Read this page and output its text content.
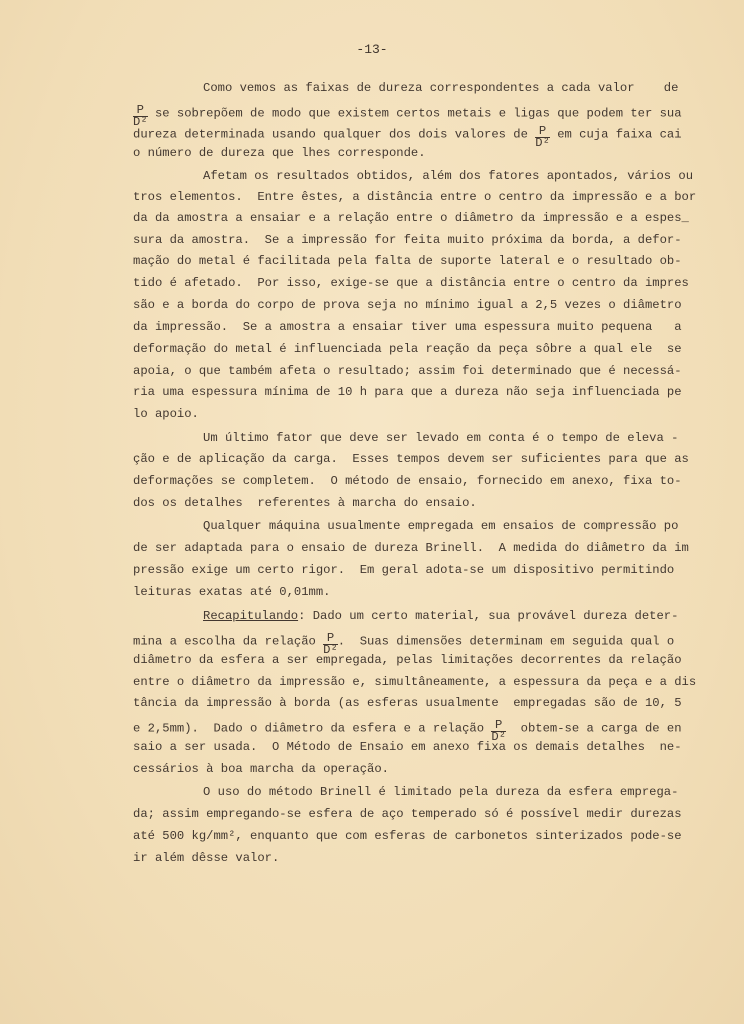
-13-
Como vemos as faixas de dureza correspondentes a cada valor    de
$\frac{P}{\text{D²}}$ se sobrepõem de modo que existem certos metais e ligas que podem ter sua
dureza determinada usando qualquer dos dois valores de $\frac{P}{\text{D²}}$ em cuja faixa cai
o número de dureza que lhes corresponde.
Afetam os resultados obtidos, além dos fatores apontados, vários ou
tros elementos.  Entre êstes, a distância entre o centro da impressão e a bor
da da amostra a ensaiar e a relação entre o diâmetro da impressão e a espes_
sura da amostra.  Se a impressão for feita muito próxima da borda, a defor-
mação do metal é facilitada pela falta de suporte lateral e o resultado ob-
tido é afetado.  Por isso, exige-se que a distância entre o centro da impres
são e a borda do corpo de prova seja no mínimo igual a 2,5 vezes o diâmetro
da impressão.  Se a amostra a ensaiar tiver uma espessura muito pequena   a
deformação do metal é influenciada pela reação da peça sôbre a qual ele  se
apoia, o que também afeta o resultado; assim foi determinado que é necessá-
ria uma espessura mínima de 10 h para que a dureza não seja influenciada pe
lo apoio.
Um último fator que deve ser levado em conta é o tempo de eleva -
ção e de aplicação da carga.  Esses tempos devem ser suficientes para que as
deformações se completem.  O método de ensaio, fornecido em anexo, fixa to-
dos os detalhes  referentes à marcha do ensaio.
Qualquer máquina usualmente empregada em ensaios de compressão po
de ser adaptada para o ensaio de dureza Brinell.  A medida do diâmetro da im
pressão exige um certo rigor.  Em geral adota-se um dispositivo permitindo
leituras exatas até 0,01mm.
Recapitulando: Dado um certo material, sua provável dureza deter-
mina a escolha da relação $\frac{P}{\text{D²}}$ .  Suas dimensões determinam em seguida qual o
diâmetro da esfera a ser empregada, pelas limitações decorrentes da relação
entre o diâmetro da impressão e, simultâneamente, a espessura da peça e a dis
tância da impressão à borda (as esferas usualmente  empregadas são de 10, 5
e 2,5mm).  Dado o diâmetro da esfera e a relação $\frac{P}{\text{D²}}$ obtem-se a carga de en
saio a ser usada.  O Método de Ensaio em anexo fixa os demais detalhes  ne-
cessários à boa marcha da operação.
O uso do método Brinell é limitado pela dureza da esfera emprega-
da; assim empregando-se esfera de aço temperado só é possível medir durezas
até 500 kg/mm², enquanto que com esferas de carbonetos sinterizados pode-se
ir além dêsse valor.
